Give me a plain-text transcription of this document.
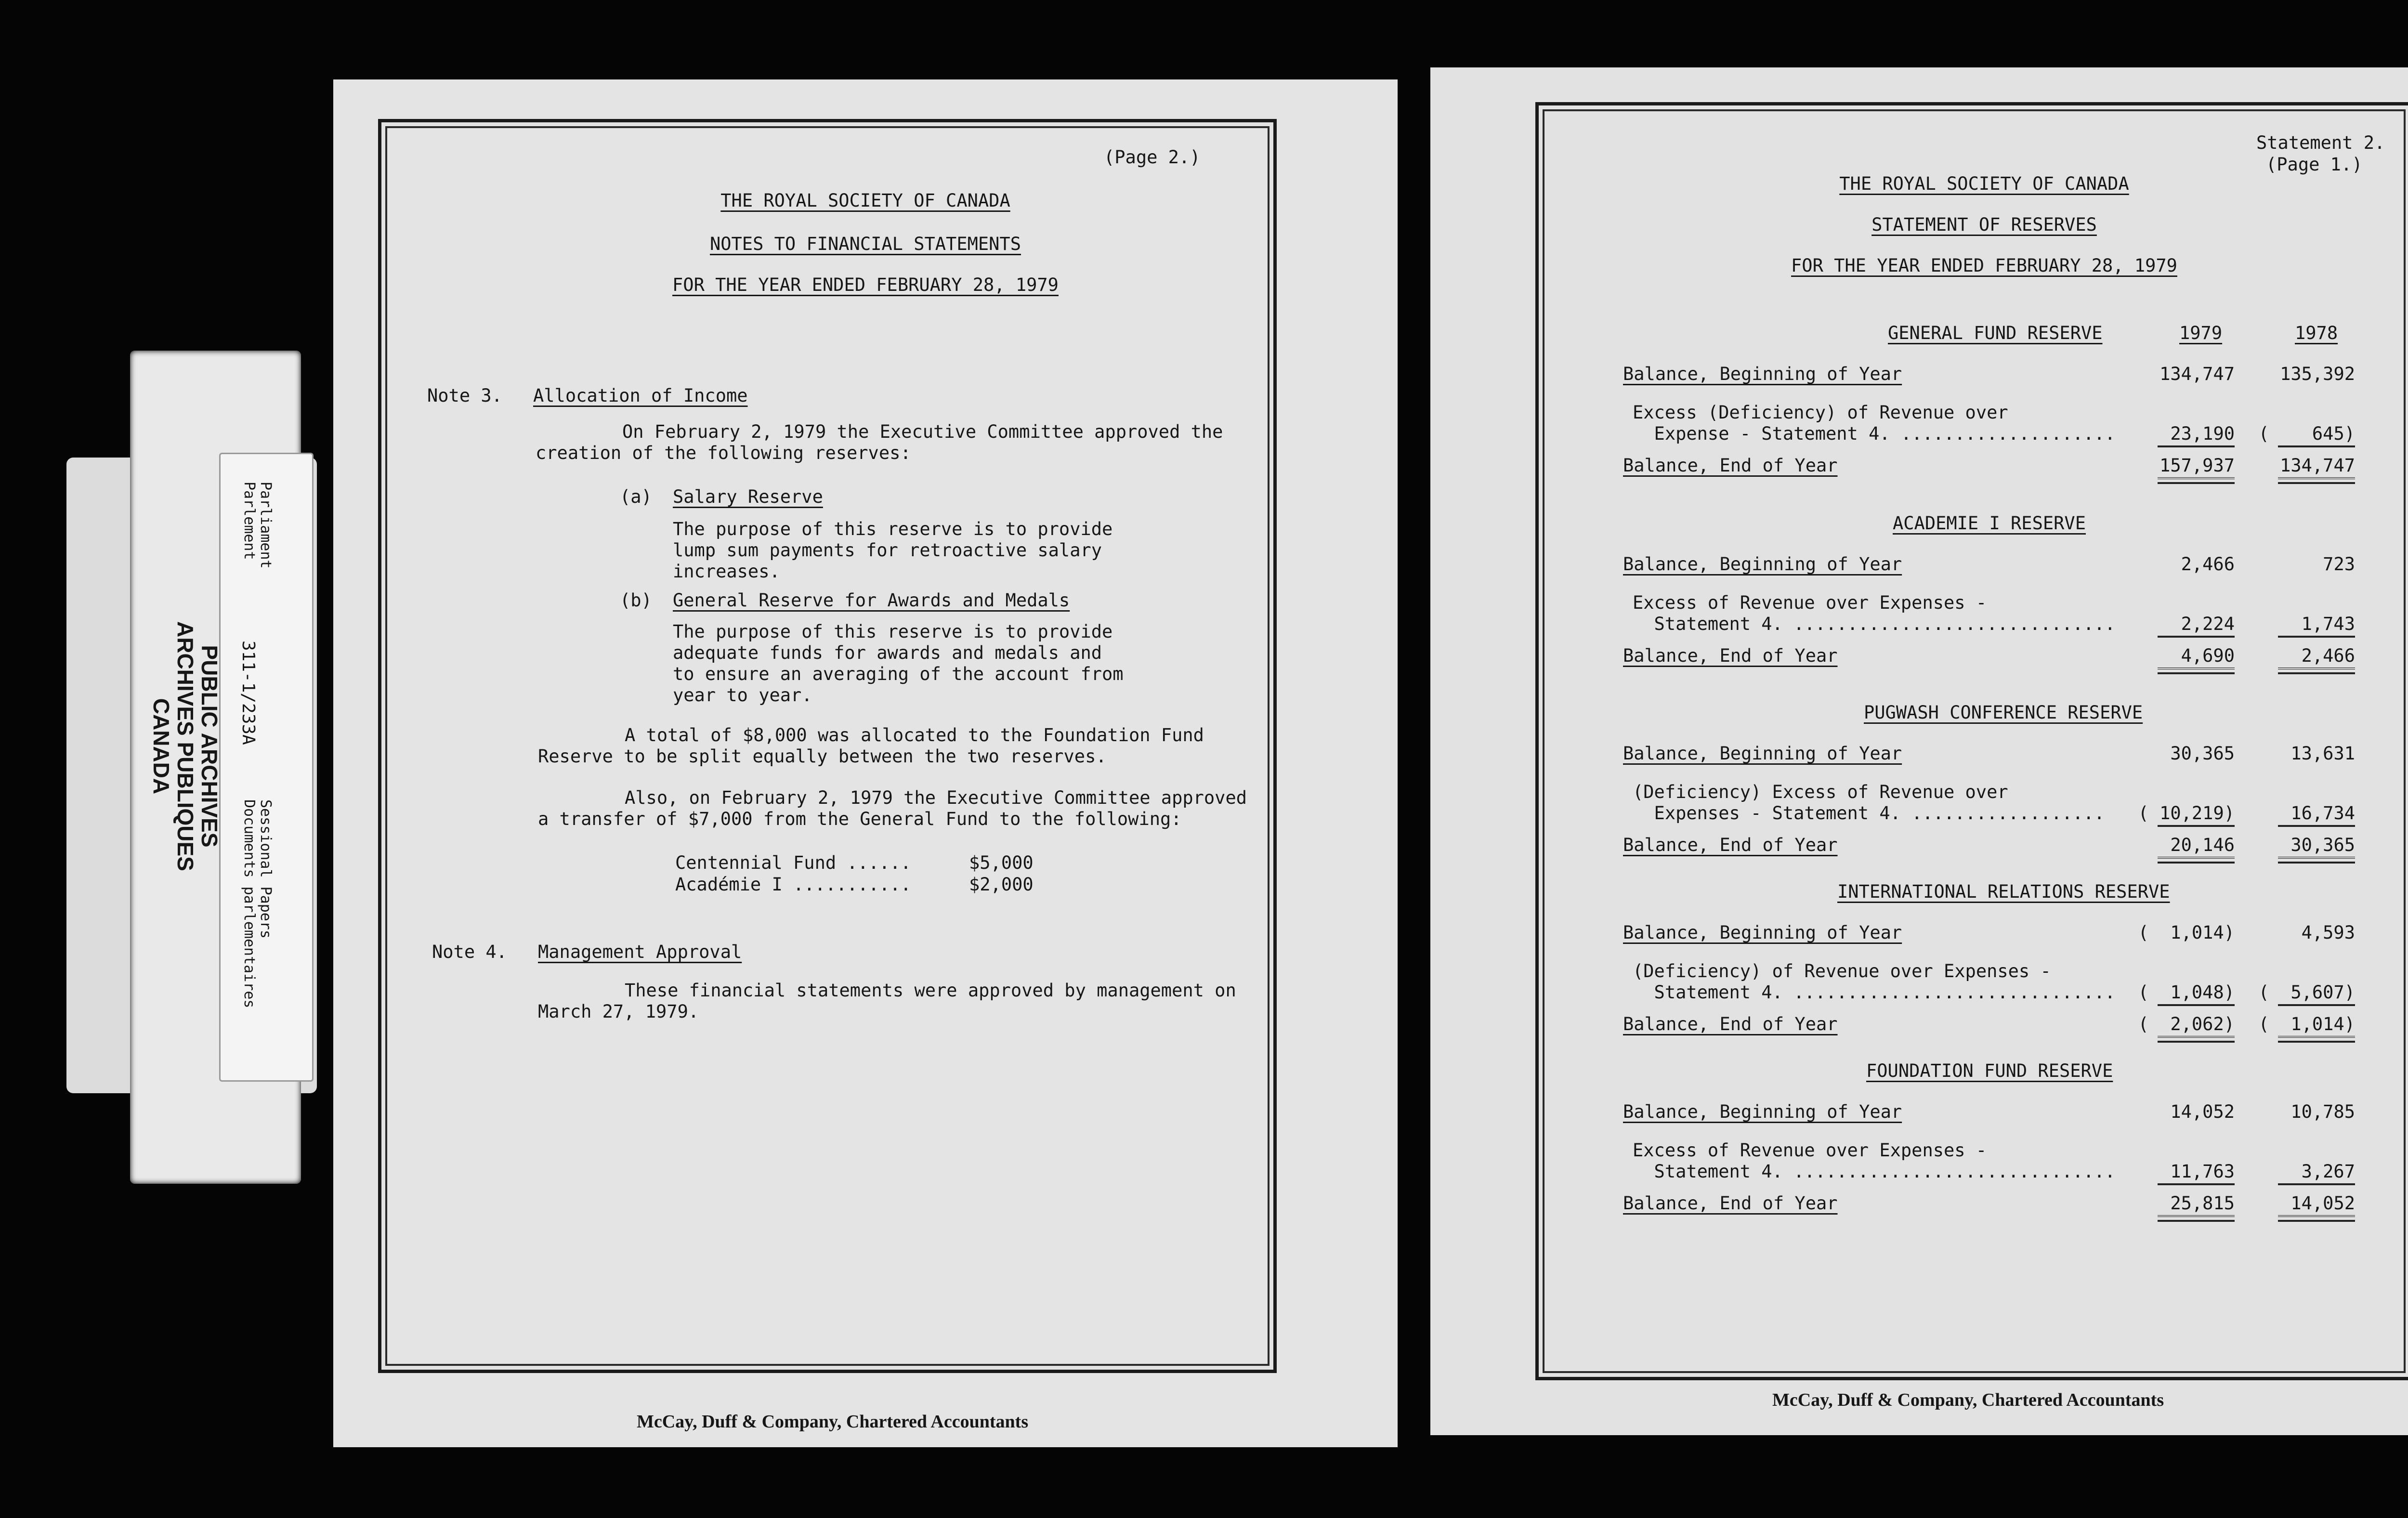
PUBLIC ARCHIVES
ARCHIVES PUBLIQUES
CANADA
Parliament
Parlement
311-1/233A
Sessional Papers
Documents parlementaires
(Page 2.)
THE ROYAL SOCIETY OF CANADA
NOTES TO FINANCIAL STATEMENTS
FOR THE YEAR ENDED FEBRUARY 28, 1979
Note 3. Allocation of Income
On February 2, 1979 the Executive Committee approved the
creation of the following reserves:
(a) Salary Reserve
The purpose of this reserve is to provide
lump sum payments for retroactive salary
increases.
(b) General Reserve for Awards and Medals
The purpose of this reserve is to provide
adequate funds for awards and medals and
to ensure an averaging of the account from
year to year.
A total of $8,000 was allocated to the Foundation Fund
Reserve to be split equally between the two reserves.
Also, on February 2, 1979 the Executive Committee approved
a transfer of $7,000 from the General Fund to the following:
Centennial Fund ......	$5,000
Académie I ...........	$2,000
Note 4. Management Approval
These financial statements were approved by management on
March 27, 1979.
McCay, Duff & Company, Chartered Accountants
Statement 2.
(Page 1.)
THE ROYAL SOCIETY OF CANADA
STATEMENT OF RESERVES
FOR THE YEAR ENDED FEBRUARY 28, 1979
1979	1978
GENERAL FUND RESERVE
Balance, Beginning of Year	134,747	135,392
Excess (Deficiency) of Revenue over
Expense - Statement 4. ....................	23,190	(    645)
Balance, End of Year	157,937	134,747
ACADEMIE I RESERVE
Balance, Beginning of Year	2,466	723
Excess of Revenue over Expenses -
Statement 4. ..............................	2,224	1,743
Balance, End of Year	4,690	2,466
PUGWASH CONFERENCE RESERVE
Balance, Beginning of Year	30,365	13,631
(Deficiency) Excess of Revenue over
Expenses - Statement 4. ..................	( 10,219)	16,734
Balance, End of Year	20,146	30,365
INTERNATIONAL RELATIONS RESERVE
Balance, Beginning of Year	(  1,014)	4,593
(Deficiency) of Revenue over Expenses -
Statement 4. ..............................	(  1,048)	(  5,607)
Balance, End of Year	(  2,062)	(  1,014)
FOUNDATION FUND RESERVE
Balance, Beginning of Year	14,052	10,785
Excess of Revenue over Expenses -
Statement 4. ..............................	11,763	3,267
Balance, End of Year	25,815	14,052
McCay, Duff & Company, Chartered Accountants
